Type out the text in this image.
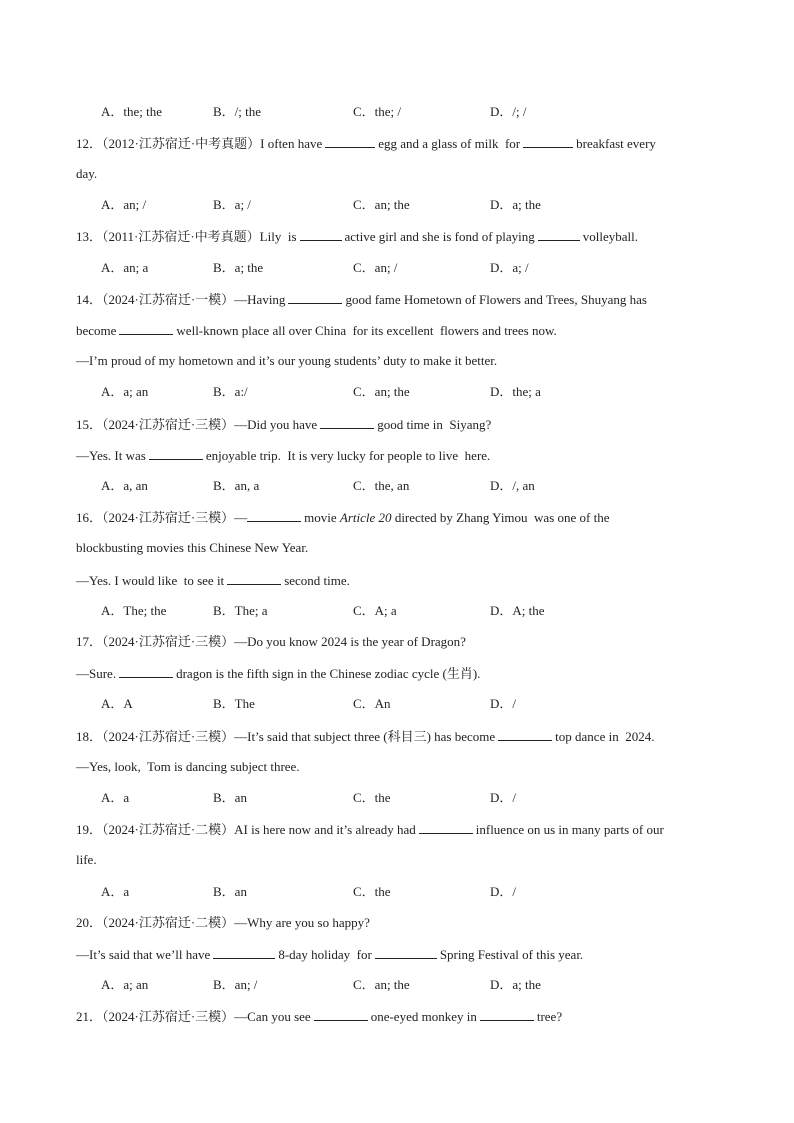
A．the; the	B．/; the	C．the; /	D．/; /
12．（2012·江苏宿迁·中考真题）I often have	egg and a glass of milk  for	breakfast every
day.
A．an; /	B．a; /	C．an; the	D．a; the
13．（2011·江苏宿迁·中考真题）Lily  is	active girl and she is fond of playing	volleyball.
A．an; a	B．a; the	C．an; /	D．a; /
14．（2024·江苏宿迁·一模）—Having	good fame Hometown of Flowers and Trees, Shuyang has
become	well-known place all over China  for its excellent  flowers and trees now.
—I’m proud of my hometown and it’s our young students’ duty to make it better.
A．a; an	B．a:/	C．an; the	D．the; a
15．（2024·江苏宿迁·三模）—Did you have	good time in  Siyang?
—Yes. It was	enjoyable trip.  It is very lucky for people to live  here.
A．a, an	B．an, a	C．the, an	D．/, an
16．（2024·江苏宿迁·三模）—	movie Article 20 directed by Zhang Yimou  was one of the
blockbusting movies this Chinese New Year.
—Yes. I would like  to see it	second time.
A．The; the	B．The; a	C．A; a	D．A; the
17．（2024·江苏宿迁·三模）—Do you know 2024 is the year of Dragon?
—Sure.	dragon is the fifth sign in the Chinese zodiac cycle (生肖).
A．A	B．The	C．An	D．/
18．（2024·江苏宿迁·三模）—It’s said that subject three (科目三) has become	top dance in  2024.
—Yes, look,  Tom is dancing subject three.
A．a	B．an	C．the	D．/
19．（2024·江苏宿迁·二模）AI is here now and it’s already had	influence on us in many parts of our
life.
A．a	B．an	C．the	D．/
20．（2024·江苏宿迁·二模）—Why are you so happy?
—It’s said that we’ll have	8-day holiday  for	Spring Festival of this year.
A．a; an	B．an; /	C．an; the	D．a; the
21．（2024·江苏宿迁·三模）—Can you see	one-eyed monkey in	tree?
